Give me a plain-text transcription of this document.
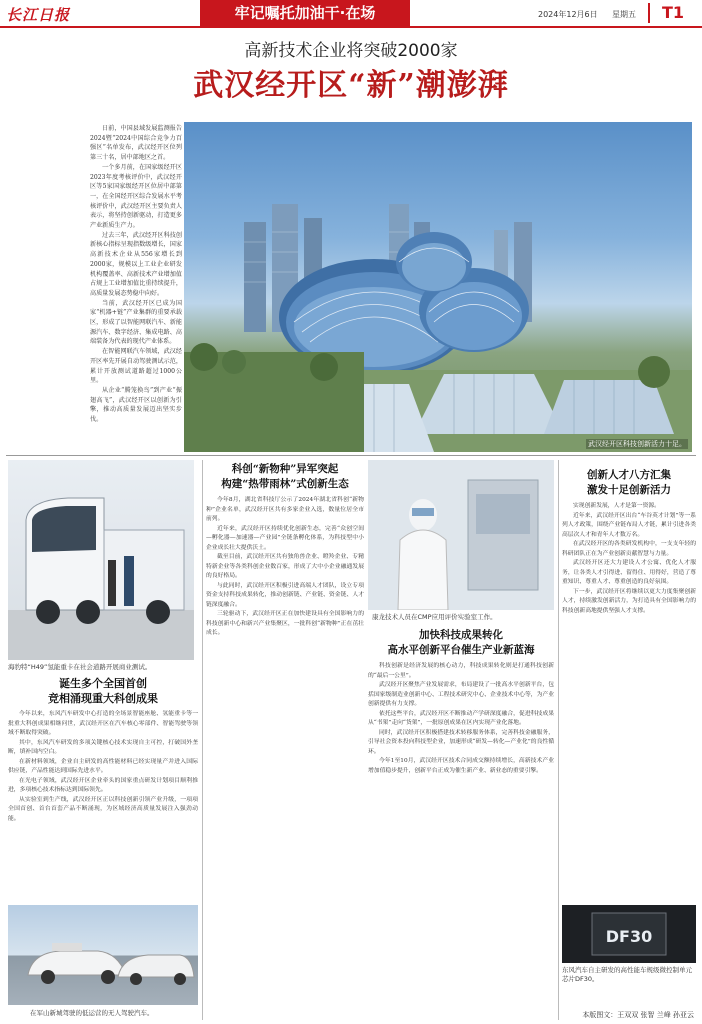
长江日报	牢记嘱托加油干·在场	2024年12月6日 星期五	T1
高新技术企业将突破2000家
武汉经开区“新”潮澎湃

日前，中国县域发展监测报告2024暨“2024中国综合竞争力百强区”名单发布，武汉经开区位列第三十名，居中部地区之首。

一个多月前，在国家级经开区2023年度考核评价中，武汉经开区等5家国家级经开区位居中部第一，在全国经开区综合发展水平考核评价中，武汉经开区主要负责人表示，将坚持创新驱动，打造更多产业新质生产力。

过去三年，武汉经开区科技创新核心指标呈现指数级增长，国家高新技术企业从556家增长到2000家，规模以上工业企业研发机构覆盖率、高新技术产业增加值占规上工业增加值比重持续提升，高质量发展态势稳中向好。

当前，武汉经开区已成为国家“机器+链”产业集群的重要承载区，形成了以智能网联汽车、新能源汽车、数字经济、集成电路、高端装备为代表的现代产业体系。

在智能网联汽车领域，武汉经开区率先开展自动驾驶测试示范，累计开放测试道路超过1000公里。

从企业“腾笼换鸟”到产业“振翅高飞”，武汉经开区以创新为引擎，推动高质量发展迈出坚实步伐。

武汉经开区科技创新活力十足。
海豹特“H49”氢能重卡在社会道路开展商业测试。
诞生多个全国首创
竞相涌现重大科创成果

今年以来，东风汽车研发中心打造的全场景智能座舱、氢能重卡等一批重大科创成果相继问世，武汉经开区在汽车核心零部件、智能驾驶等领域不断取得突破。

其中，东风汽车研发的多项关键核心技术实现自主可控，打破国外垄断，填补国内空白。

在新材料领域，企业自主研发的高性能材料已经实现量产并进入国际供应链，产品性能达到国际先进水平。

在光电子领域，武汉经开区企业牵头的国家重点研发计划项目顺利推进，多项核心技术指标达到国际领先。

从实验室到生产线，武汉经开区正以科技创新引领产业升级，一项项全国首创、首台首套产品不断涌现，为区域经济高质量发展注入强劲动能。

在军山新城驾驶的低运营的无人驾驶汽车。
科创“新物种”异军突起
构建“热带雨林”式创新生态

今年8月，湖北省科技厅公示了2024年湖北省科创“新物种”企业名单，武汉经开区共有多家企业入选，数量位居全市前列。

近年来，武汉经开区持续优化创新生态，完善“众创空间—孵化器—加速器—产业园”全链条孵化体系，为科技型中小企业成长壮大提供沃土。

截至目前，武汉经开区共有独角兽企业、瞪羚企业、专精特新企业等各类科创企业数百家，形成了大中小企业融通发展的良好格局。

与此同时，武汉经开区积极引进高端人才团队，设立专项资金支持科技成果转化，推动创新链、产业链、资金链、人才链深度融合。

三轮驱动下，武汉经开区正在加快建设具有全国影响力的科技创新中心和新兴产业集聚区，一批科创“新物种”正在茁壮成长。

康龙技术人员在CMP应用评价实验室工作。
加快科技成果转化
高水平创新平台催生产业新蓝海

科技创新是经济发展的核心动力，科技成果转化则是打通科技创新的“最后一公里”。

武汉经开区聚焦产业发展需求，布局建设了一批高水平创新平台，包括国家级制造业创新中心、工程技术研究中心、企业技术中心等，为产业创新提供有力支撑。

依托这些平台，武汉经开区不断推动产学研深度融合，促进科技成果从“书架”走向“货架”，一批原创成果在区内实现产业化落地。

同时，武汉经开区积极搭建技术转移服务体系，完善科技金融服务，引导社会资本投向科技型企业，加速形成“研发—转化—产业化”的良性循环。

今年1至10月，武汉经开区技术合同成交额持续增长，高新技术产业增加值稳步提升，创新平台正成为催生新产业、新业态的重要引擎。

创新人才八方汇集
激发十足创新活力

实现创新发展，人才是第一资源。

近年来，武汉经开区出台“车谷英才计划”等一系列人才政策，围绕产业链布局人才链，累计引进各类高层次人才和青年人才数万名。

在武汉经开区的各类研发机构中，一支支年轻的科研团队正在为产业创新贡献智慧与力量。

武汉经开区还大力建设人才公寓、优化人才服务，让各类人才引得进、留得住、用得好，营造了尊重知识、尊重人才、尊重创造的良好氛围。

下一步，武汉经开区将继续以更大力度集聚创新人才，持续激发创新活力，为打造具有全国影响力的科技创新高地提供坚强人才支撑。

DF30
东风汽车自主研发的高性能车规级微控制单元芯片DF30。
本版图文：王双双 张智 兰峰 孙亚云
